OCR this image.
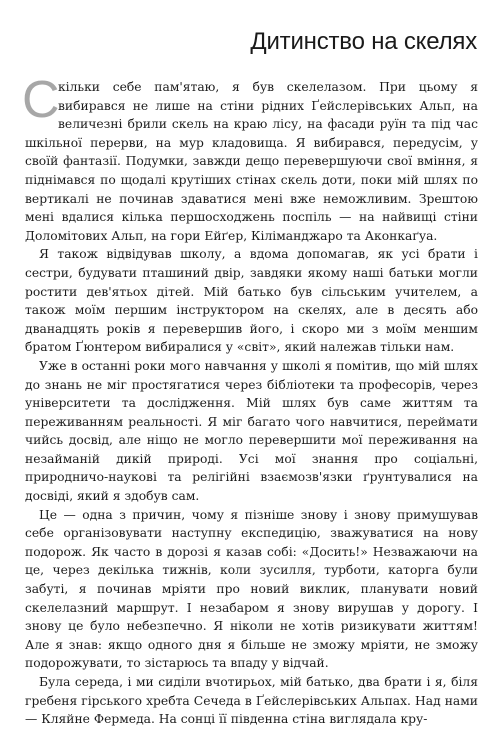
Дитинство на скелях

С
кільки себе пам'ятаю, я був скелелазом. При цьому я вибирався не лише на стіни рідних Ґейслерівських Альп, на величезні брили скель на краю лісу, на фасади руїн та під час шкільної перерви, на мур кладовища. Я вибирався, передусім, у своїй фантазії. Подумки, завжди дещо перевершуючи свої вміння, я піднімався по щодалі крутіших стінах скель доти, поки мій шлях по вертикалі не починав здаватися мені вже неможливим. Зрештою мені вдалися кілька першосходжень поспіль — на найвищі стіни Доломітових Альп, на гори Ейґер, Кіліманджаро та Аконкаґуа.

Я також відвідував школу, а вдома допомагав, як усі брати і сестри, будувати пташиний двір, завдяки якому наші батьки могли ростити дев'ятьох дітей. Мій батько був сільським учителем, а також моїм першим інструктором на скелях, але в десять або дванадцять років я перевершив його, і скоро ми з моїм меншим братом Ґюнтером вибиралися у «світ», який належав тільки нам.

Уже в останні роки мого навчання у школі я помітив, що мій шлях до знань не міг простягатися через бібліотеки та професорів, через університети та дослідження. Мій шлях був саме життям та переживанням реальності. Я міг багато чого навчитися, переймати чийсь досвід, але ніщо не могло перевершити мої переживання на незайманій дикій природі. Усі мої знання про соціальні, природничо-наукові та релігійні взаємозв'язки ґрунтувалися на досвіді, який я здобув сам.

Це — одна з причин, чому я пізніше знову і знову примушував себе організовувати наступну експедицію, зважуватися на нову подорож. Як часто в дорозі я казав собі: «Досить!» Незважаючи на це, через декілька тижнів, коли зусилля, турботи, каторга були забуті, я починав мріяти про новий виклик, планувати новий скелелазний маршрут. І незабаром я знову вирушав у дорогу. І знову це було небезпечно. Я ніколи не хотів ризикувати життям! Але я знав: якщо одного дня я більше не зможу мріяти, не зможу подорожувати, то зістарюсь та впаду у відчай.

Була середа, і ми сиділи вчотирьох, мій батько, два брати і я, біля гребеня гірського хребта Сечеда в Ґейслерівських Альпах. Над нами — Кляйне Фермеда. На сонці її південна стіна виглядала кру-
